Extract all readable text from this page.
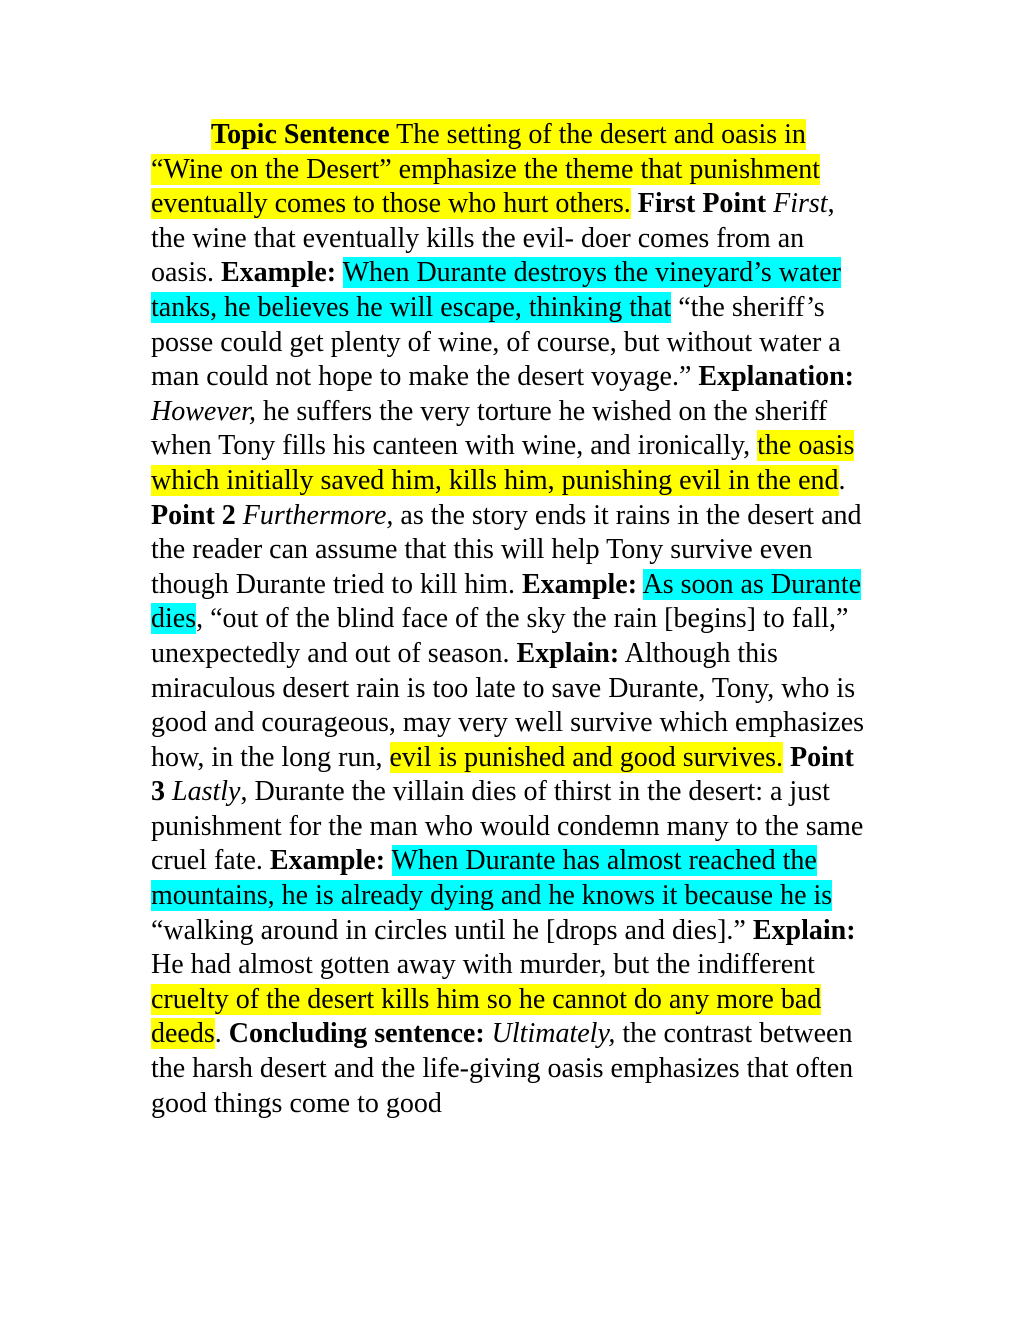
Topic Sentence The setting of the desert and oasis in “Wine on the Desert” emphasize the theme that punishment eventually comes to those who hurt others. First Point First, the wine that eventually kills the evil- doer comes from an oasis. Example: When Durante destroys the vineyard’s water tanks, he believes he will escape, thinking that “the sheriff’s posse could get plenty of wine, of course, but without water a man could not hope to make the desert voyage.” Explanation: However, he suffers the very torture he wished on the sheriff when Tony fills his canteen with wine, and ironically, the oasis which initially saved him, kills him, punishing evil in the end. Point 2 Furthermore, as the story ends it rains in the desert and the reader can assume that this will help Tony survive even though Durante tried to kill him. Example: As soon as Durante dies, “out of the blind face of the sky the rain [begins] to fall,” unexpectedly and out of season. Explain: Although this miraculous desert rain is too late to save Durante, Tony, who is good and courageous, may very well survive which emphasizes how, in the long run, evil is punished and good survives. Point 3 Lastly, Durante the villain dies of thirst in the desert: a just punishment for the man who would condemn many to the same cruel fate. Example: When Durante has almost reached the mountains, he is already dying and he knows it because he is “walking around in circles until he [drops and dies].” Explain: He had almost gotten away with murder, but the indifferent cruelty of the desert kills him so he cannot do any more bad deeds. Concluding sentence: Ultimately, the contrast between the harsh desert and the life-giving oasis emphasizes that often good things come to good
